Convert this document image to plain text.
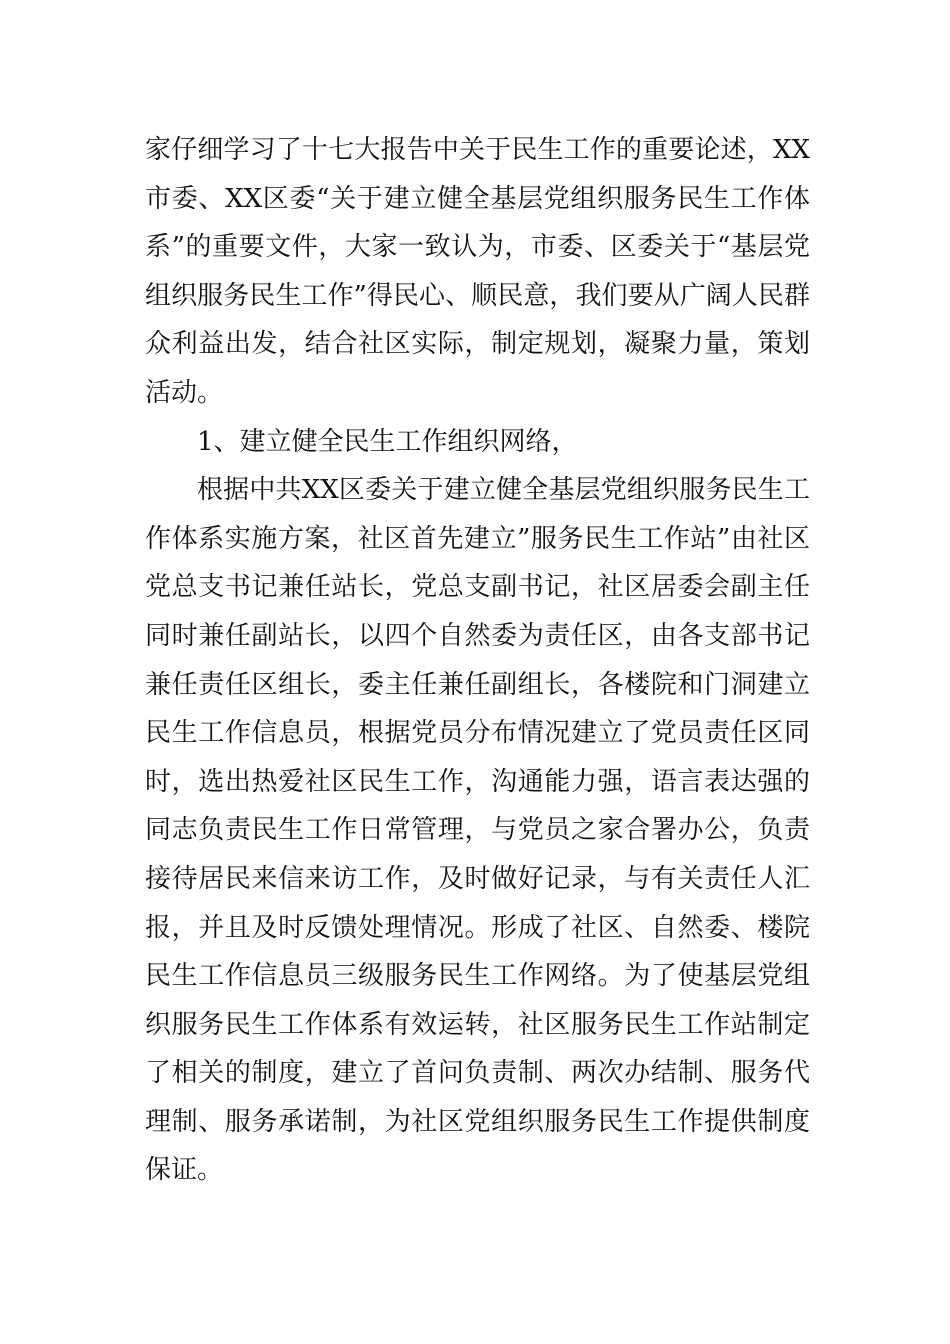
家仔细学习了十七大报告中关于民生工作的重要论述，XX市委、XX区委“关于建立健全基层党组织服务民生工作体系”的重要文件，大家一致认为，市委、区委关于“基层党组织服务民生工作”得民心、顺民意，我们要从广阔人民群众利益出发，结合社区实际，制定规划，凝聚力量，策划活动。

1、建立健全民生工作组织网络，

根据中共XX区委关于建立健全基层党组织服务民生工作体系实施方案，社区首先建立”服务民生工作站”由社区党总支书记兼任站长，党总支副书记，社区居委会副主任同时兼任副站长，以四个自然委为责任区，由各支部书记兼任责任区组长，委主任兼任副组长，各楼院和门洞建立民生工作信息员，根据党员分布情况建立了党员责任区同时，选出热爱社区民生工作，沟通能力强，语言表达强的同志负责民生工作日常管理，与党员之家合署办公，负责接待居民来信来访工作，及时做好记录，与有关责任人汇报，并且及时反馈处理情况。形成了社区、自然委、楼院民生工作信息员三级服务民生工作网络。为了使基层党组织服务民生工作体系有效运转，社区服务民生工作站制定了相关的制度，建立了首问负责制、两次办结制、服务代理制、服务承诺制，为社区党组织服务民生工作提供制度保证。
